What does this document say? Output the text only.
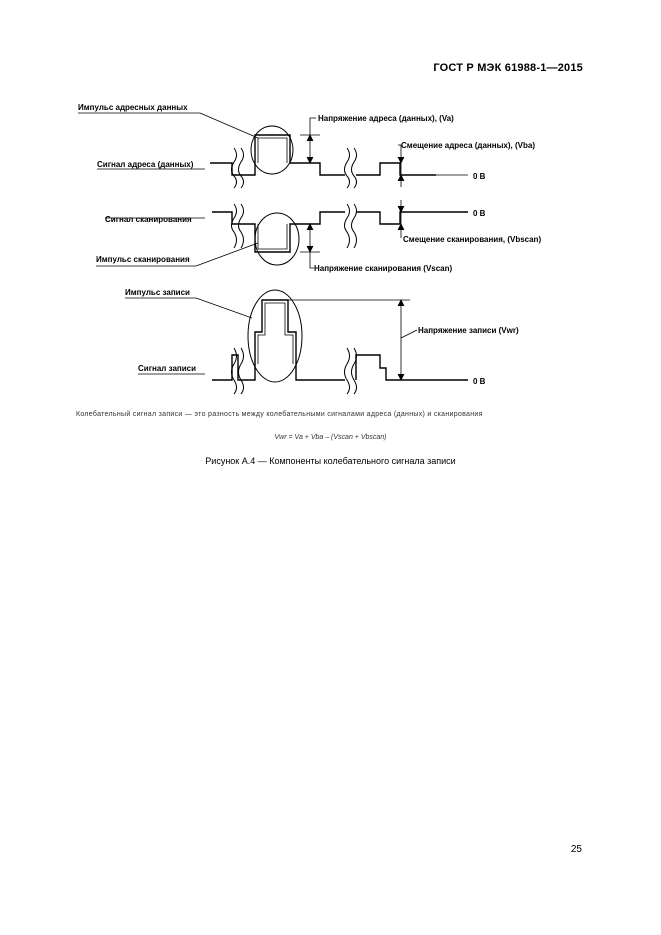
ГОСТ Р МЭК 61988-1—2015
Импульс адресных данных
Напряжение адреса (данных), (Va)
Смещение адреса (данных), (Vba)
Сигнал адреса (данных)
0 В
Сигнал сканирования
0 В
Смещение сканирования, (Vbscan)
Импульс сканирования
Напряжение сканирования (Vscan)
Импульс записи
Напряжение записи (Vwr)
Сигнал записи
0 В
Колебательный сигнал записи — это разность между колебательными сигналами адреса (данных) и сканирования
Vwr = Va + Vba – (Vscan + Vbscan)
Рисунок А.4 — Компоненты колебательного сигнала записи
25
